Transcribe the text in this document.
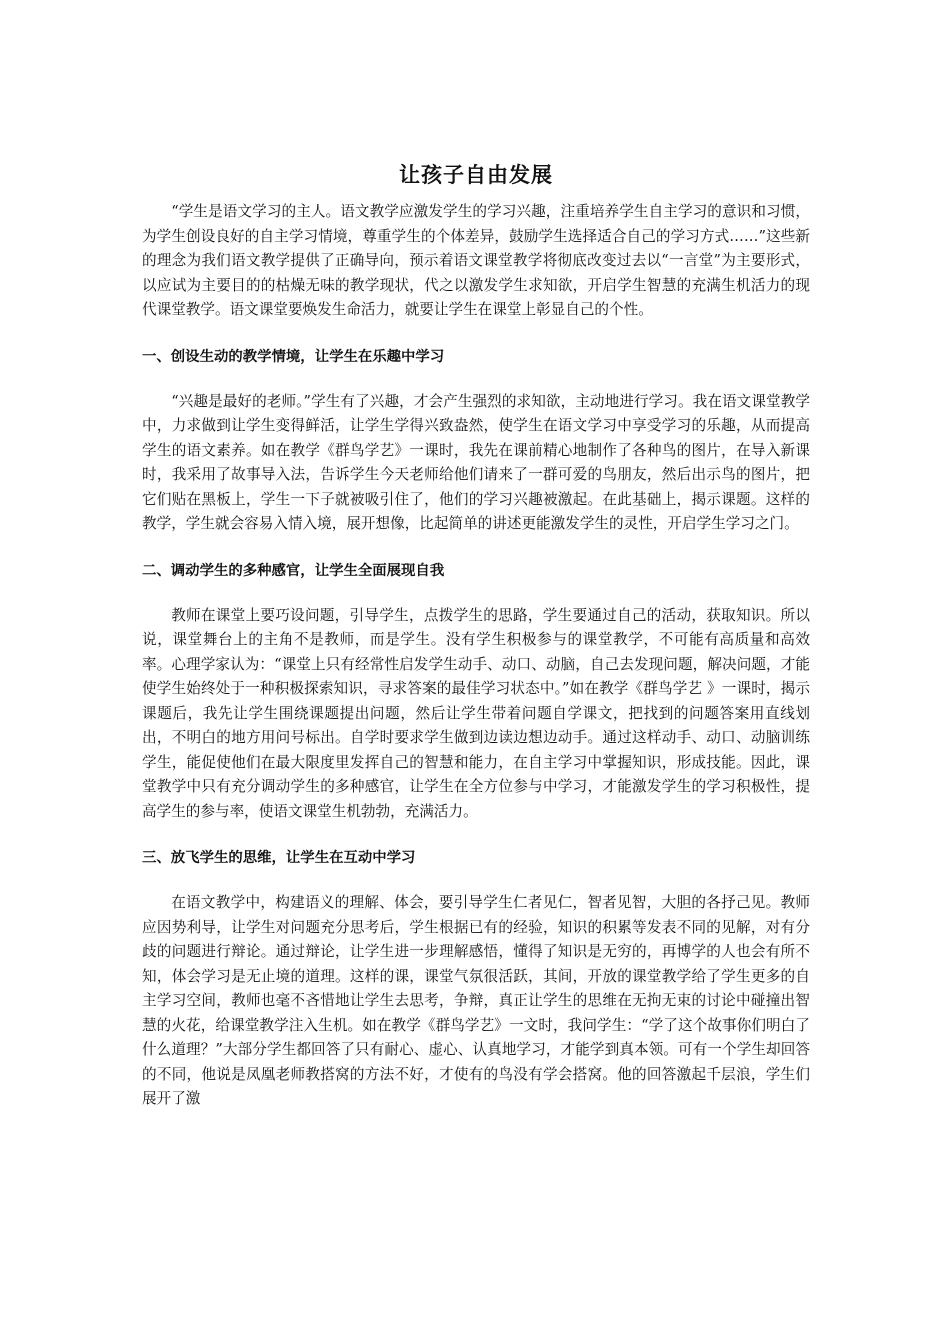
让孩子自由发展

“学生是语文学习的主人。语文教学应激发学生的学习兴趣，注重培养学生自主学习的意识和习惯，为学生创设良好的自主学习情境，尊重学生的个体差异，鼓励学生选择适合自己的学习方式……”这些新的理念为我们语文教学提供了正确导向，预示着语文课堂教学将彻底改变过去以“一言堂”为主要形式，以应试为主要目的的枯燥无味的教学现状，代之以激发学生求知欲，开启学生智慧的充满生机活力的现代课堂教学。语文课堂要焕发生命活力，就要让学生在课堂上彰显自己的个性。

一、创设生动的教学情境，让学生在乐趣中学习

“兴趣是最好的老师。”学生有了兴趣，才会产生强烈的求知欲，主动地进行学习。我在语文课堂教学中，力求做到让学生变得鲜活，让学生学得兴致盎然，使学生在语文学习中享受学习的乐趣，从而提高学生的语文素养。如在教学《群鸟学艺》一课时，我先在课前精心地制作了各种鸟的图片，在导入新课时，我采用了故事导入法，告诉学生今天老师给他们请来了一群可爱的鸟朋友，然后出示鸟的图片，把它们贴在黑板上，学生一下子就被吸引住了，他们的学习兴趣被激起。在此基础上，揭示课题。这样的教学，学生就会容易入情入境，展开想像，比起简单的讲述更能激发学生的灵性，开启学生学习之门。

二、调动学生的多种感官，让学生全面展现自我

教师在课堂上要巧设问题，引导学生，点拨学生的思路，学生要通过自己的活动，获取知识。所以说，课堂舞台上的主角不是教师，而是学生。没有学生积极参与的课堂教学，不可能有高质量和高效率。心理学家认为：“课堂上只有经常性启发学生动手、动口、动脑，自己去发现问题，解决问题，才能使学生始终处于一种积极探索知识，寻求答案的最佳学习状态中。”如在教学《群鸟学艺 》一课时，揭示课题后，我先让学生围绕课题提出问题，然后让学生带着问题自学课文，把找到的问题答案用直线划出，不明白的地方用问号标出。自学时要求学生做到边读边想边动手。通过这样动手、动口、动脑训练学生，能促使他们在最大限度里发挥自己的智慧和能力，在自主学习中掌握知识，形成技能。因此，课堂教学中只有充分调动学生的多种感官，让学生在全方位参与中学习，才能激发学生的学习积极性，提高学生的参与率，使语文课堂生机勃勃，充满活力。

三、放飞学生的思维，让学生在互动中学习

在语文教学中，构建语义的理解、体会，要引导学生仁者见仁，智者见智，大胆的各抒己见。教师应因势利导，让学生对问题充分思考后，学生根据已有的经验，知识的积累等发表不同的见解，对有分歧的问题进行辩论。通过辩论，让学生进一步理解感悟，懂得了知识是无穷的，再博学的人也会有所不知，体会学习是无止境的道理。这样的课，课堂气氛很活跃，其间，开放的课堂教学给了学生更多的自主学习空间，教师也毫不吝惜地让学生去思考，争辩，真正让学生的思维在无拘无束的讨论中碰撞出智慧的火花，给课堂教学注入生机。如在教学《群鸟学艺》一文时，我问学生：“学了这个故事你们明白了什么道理？”大部分学生都回答了只有耐心、虚心、认真地学习，才能学到真本领。可有一个学生却回答的不同，他说是凤凰老师教搭窝的方法不好，才使有的鸟没有学会搭窝。他的回答激起千层浪，学生们展开了激
